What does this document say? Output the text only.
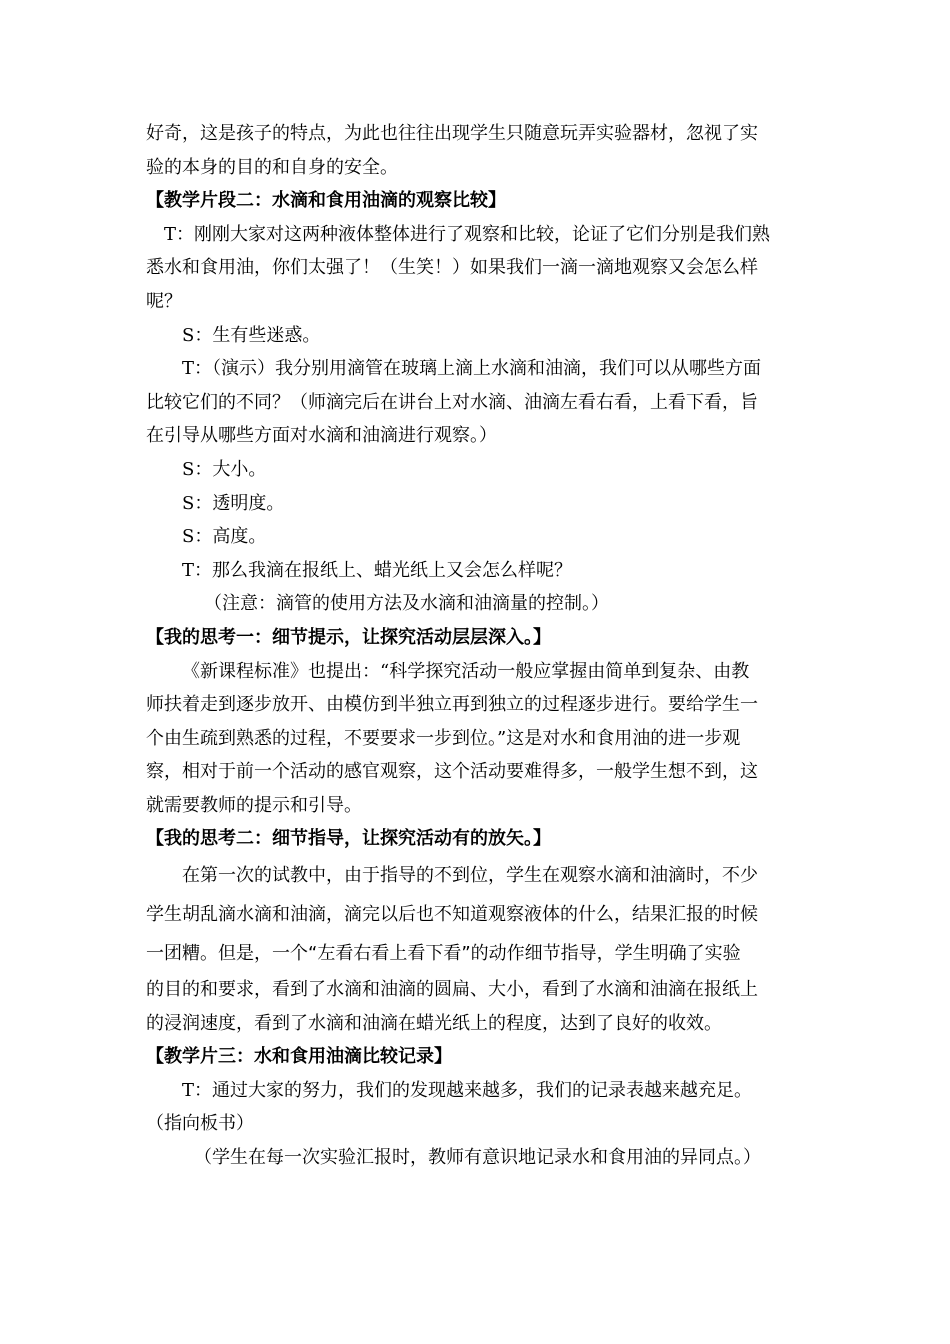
好奇，这是孩子的特点，为此也往往出现学生只随意玩弄实验器材，忽视了实

验的本身的目的和自身的安全。

【教学片段二：水滴和食用油滴的观察比较】

T：刚刚大家对这两种液体整体进行了观察和比较，论证了它们分别是我们熟

悉水和食用油，你们太强了！（生笑！）如果我们一滴一滴地观察又会怎么样

呢？

S：生有些迷惑。

T：（演示）我分别用滴管在玻璃上滴上水滴和油滴，我们可以从哪些方面

比较它们的不同？（师滴完后在讲台上对水滴、油滴左看右看，上看下看，旨

在引导从哪些方面对水滴和油滴进行观察。）

S：大小。

S：透明度。

S：高度。

T：那么我滴在报纸上、蜡光纸上又会怎么样呢？

（注意：滴管的使用方法及水滴和油滴量的控制。）

【我的思考一：细节提示，让探究活动层层深入。】

《新课程标准》也提出：“科学探究活动一般应掌握由简单到复杂、由教

师扶着走到逐步放开、由模仿到半独立再到独立的过程逐步进行。要给学生一

个由生疏到熟悉的过程，不要要求一步到位。”这是对水和食用油的进一步观

察，相对于前一个活动的感官观察，这个活动要难得多，一般学生想不到，这

就需要教师的提示和引导。

【我的思考二：细节指导，让探究活动有的放矢。】

在第一次的试教中，由于指导的不到位，学生在观察水滴和油滴时，不少

学生胡乱滴水滴和油滴，滴完以后也不知道观察液体的什么，结果汇报的时候

一团糟。但是，一个“左看右看上看下看”的动作细节指导，学生明确了实验

的目的和要求，看到了水滴和油滴的圆扁、大小，看到了水滴和油滴在报纸上

的浸润速度，看到了水滴和油滴在蜡光纸上的程度，达到了良好的收效。

【教学片三：水和食用油滴比较记录】

T：通过大家的努力，我们的发现越来越多，我们的记录表越来越充足。

（指向板书）

（学生在每一次实验汇报时，教师有意识地记录水和食用油的异同点。）
